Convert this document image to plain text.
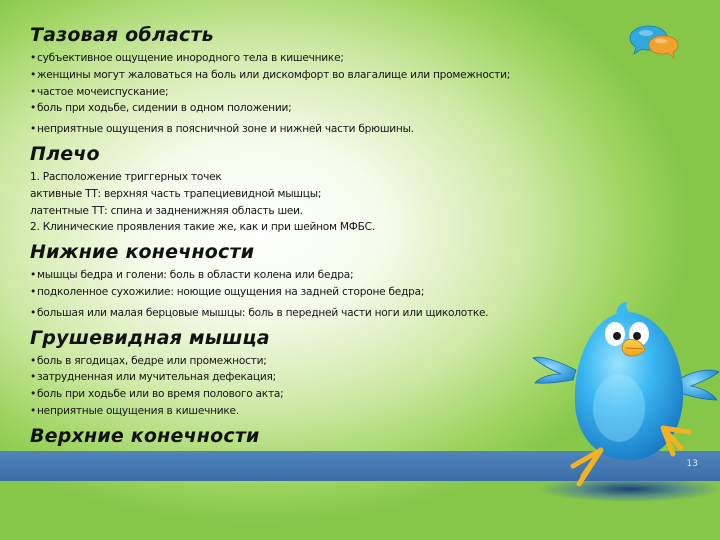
Тазовая область
• субъективное ощущение инородного тела в кишечнике;
• женщины могут жаловаться на боль или дискомфорт во влагалище или промежности;
• частое мочеиспускание;
• боль при ходьбе, сидении в одном положении;
• неприятные ощущения в поясничной зоне и нижней части брюшины.
Плечо
1. Расположение триггерных точек
активные ТТ: верхняя часть трапециевидной мышцы;
латентные ТТ: спина и задненижняя область шеи.
2. Клинические проявления такие же, как и при шейном МФБС.
Нижние конечности
• мышцы бедра и голени: боль в области колена или бедра;
• подколенное сухожилие: ноющие ощущения на задней стороне бедра;
• большая или малая берцовые мышцы: боль в передней части ноги или щиколотке.
Грушевидная мышца
• боль в ягодицах, бедре или промежности;
• затрудненная или мучительная дефекация;
• боль при ходьбе или во время полового акта;
• неприятные ощущения в кишечнике.
Верхние конечности
•
•
13
